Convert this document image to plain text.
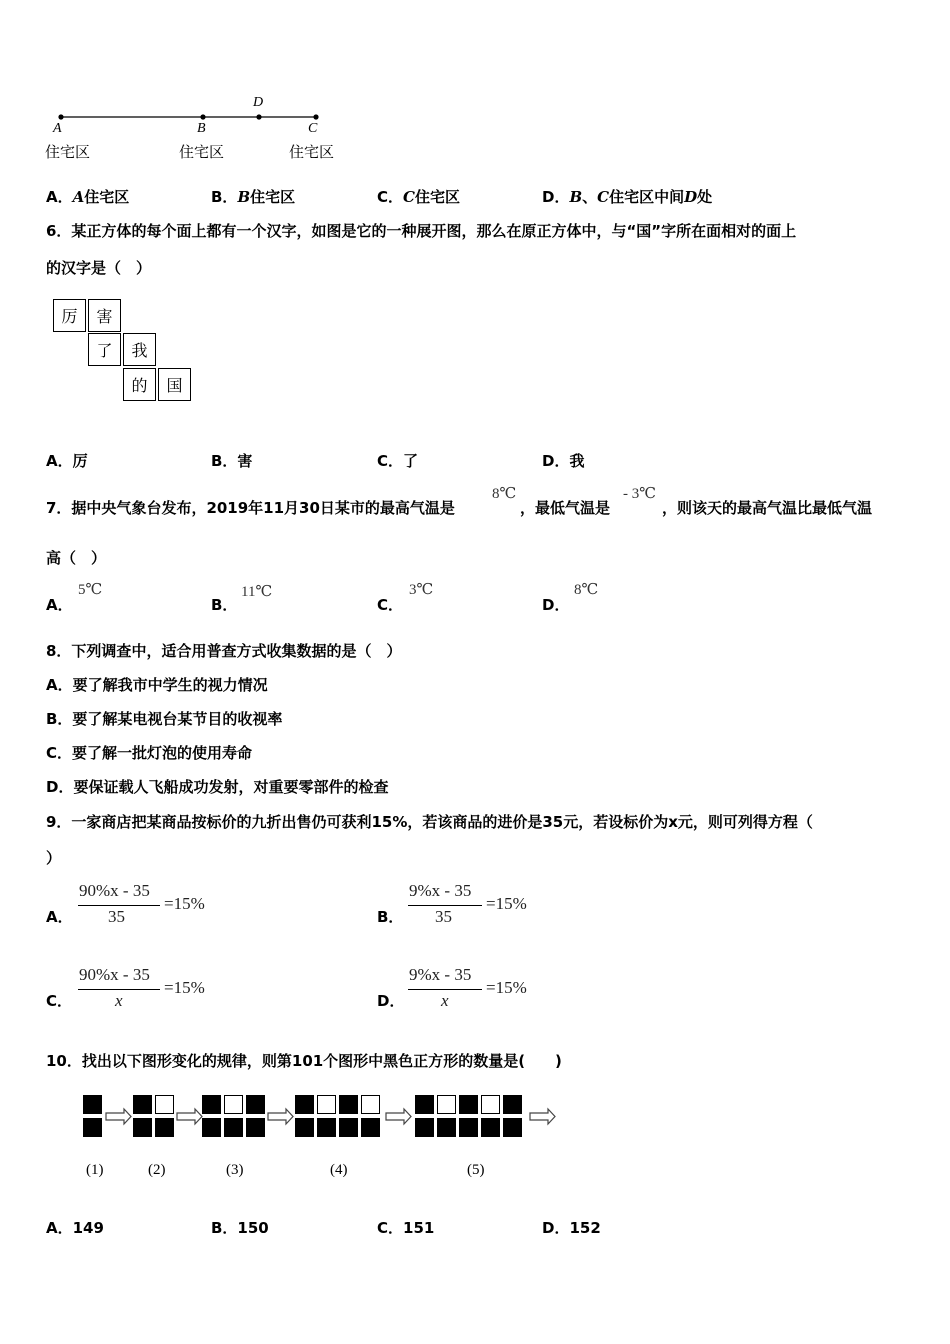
A	B
D
C
住宅区	住宅区	住宅区
A．A住宅区	B．B住宅区	C．C住宅区	D．B、C住宅区中间D处
6．某正方体的每个面上都有一个汉字，如图是它的一种展开图，那么在原正方体中，与“国”字所在面相对的面上
的汉字是（　）
厉	害
了	我
的	国
A．厉	B．害	C．了	D．我
7．据中央气象台发布，2019年11月30日某市的最高气温是
8℃
，最低气温是
- 3℃
，则该天的最高气温比最低气温
高（　）
A．
5℃
B．
11℃
C．
3℃
D．
8℃
8．下列调查中，适合用普查方式收集数据的是（　）
A．要了解我市中学生的视力情况
B．要了解某电视台某节目的收视率
C．要了解一批灯泡的使用寿命
D．要保证载人飞船成功发射，对重要零部件的检查
9．一家商店把某商品按标价的九折出售仍可获利15%，若该商品的进价是35元，若设标价为x元，则可列得方程（
）
A．
90%x - 35
35
=15%
B．
9%x - 35
35
=15%
C．
90%x - 35
x
=15%
D．
9%x - 35
x
=15%
10．找出以下图形变化的规律，则第101个图形中黑色正方形的数量是(　　)
(1)	(2)	(3)	(4)	(5)
A．149	B．150	C．151	D．152
